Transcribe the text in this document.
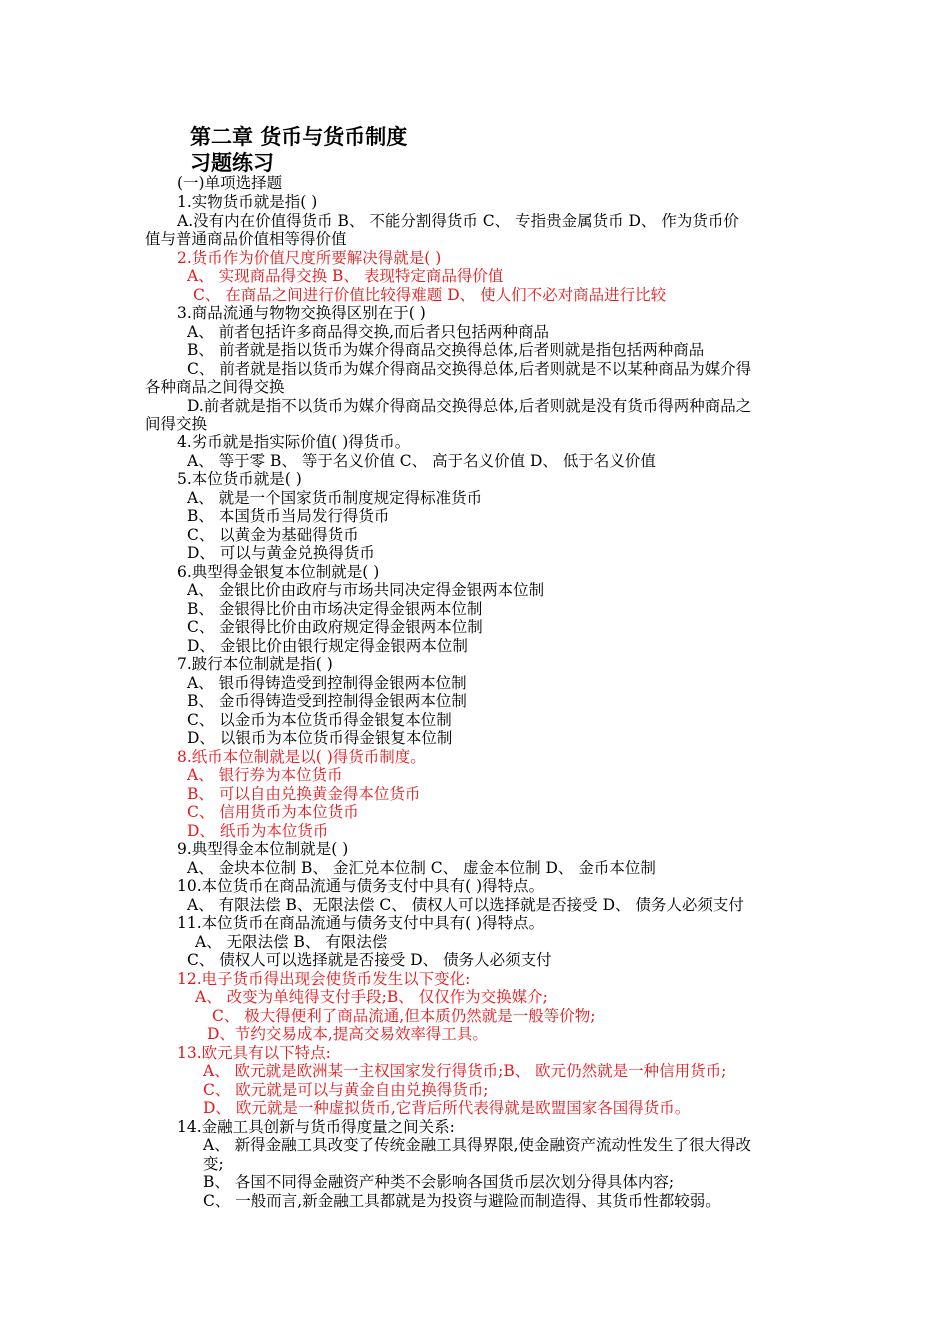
第二章 货币与货币制度
习题练习
(一)单项选择题
1.实物货币就是指( )
A.没有内在价值得货币 B、 不能分割得货币 C、 专指贵金属货币 D、 作为货币价
值与普通商品价值相等得价值
2.货币作为价值尺度所要解决得就是( )
A、 实现商品得交换 B、 表现特定商品得价值
C、 在商品之间进行价值比较得难题 D、 使人们不必对商品进行比较
3.商品流通与物物交换得区别在于( )
A、 前者包括许多商品得交换,而后者只包括两种商品
B、 前者就是指以货币为媒介得商品交换得总体,后者则就是指包括两种商品
C、 前者就是指以货币为媒介得商品交换得总体,后者则就是不以某种商品为媒介得
各种商品之间得交换
D.前者就是指不以货币为媒介得商品交换得总体,后者则就是没有货币得两种商品之
间得交换
4.劣币就是指实际价值( )得货币。
A、 等于零 B、 等于名义价值 C、 高于名义价值 D、 低于名义价值
5.本位货币就是( )
A、 就是一个国家货币制度规定得标准货币
B、 本国货币当局发行得货币
C、 以黄金为基础得货币
D、 可以与黄金兑换得货币
6.典型得金银复本位制就是( )
A、 金银比价由政府与市场共同决定得金银两本位制
B、 金银得比价由市场决定得金银两本位制
C、 金银得比价由政府规定得金银两本位制
D、 金银比价由银行规定得金银两本位制
7.跛行本位制就是指( )
A、 银币得铸造受到控制得金银两本位制
B、 金币得铸造受到控制得金银两本位制
C、 以金币为本位货币得金银复本位制
D、 以银币为本位货币得金银复本位制
8.纸币本位制就是以( )得货币制度。
A、 银行券为本位货币
B、 可以自由兑换黄金得本位货币
C、 信用货币为本位货币
D、 纸币为本位货币
9.典型得金本位制就是( )
A、 金块本位制 B、 金汇兑本位制 C、 虚金本位制 D、 金币本位制
10.本位货币在商品流通与债务支付中具有( )得特点。
A、 有限法偿 B、无限法偿 C、 债权人可以选择就是否接受 D、 债务人必须支付
11.本位货币在商品流通与债务支付中具有( )得特点。
A、 无限法偿 B、 有限法偿
C、 债权人可以选择就是否接受 D、 债务人必须支付
12.电子货币得出现会使货币发生以下变化:
A、 改变为单纯得支付手段;B、 仅仅作为交换媒介;
C、 极大得便利了商品流通,但本质仍然就是一般等价物;
D、节约交易成本,提高交易效率得工具。
13.欧元具有以下特点:
A、 欧元就是欧洲某一主权国家发行得货币;B、 欧元仍然就是一种信用货币;
C、 欧元就是可以与黄金自由兑换得货币;
D、 欧元就是一种虚拟货币,它背后所代表得就是欧盟国家各国得货币。
14.金融工具创新与货币得度量之间关系:
A、 新得金融工具改变了传统金融工具得界限,使金融资产流动性发生了很大得改
变;
B、 各国不同得金融资产种类不会影响各国货币层次划分得具体内容;
C、 一般而言,新金融工具都就是为投资与避险而制造得、其货币性都较弱。
